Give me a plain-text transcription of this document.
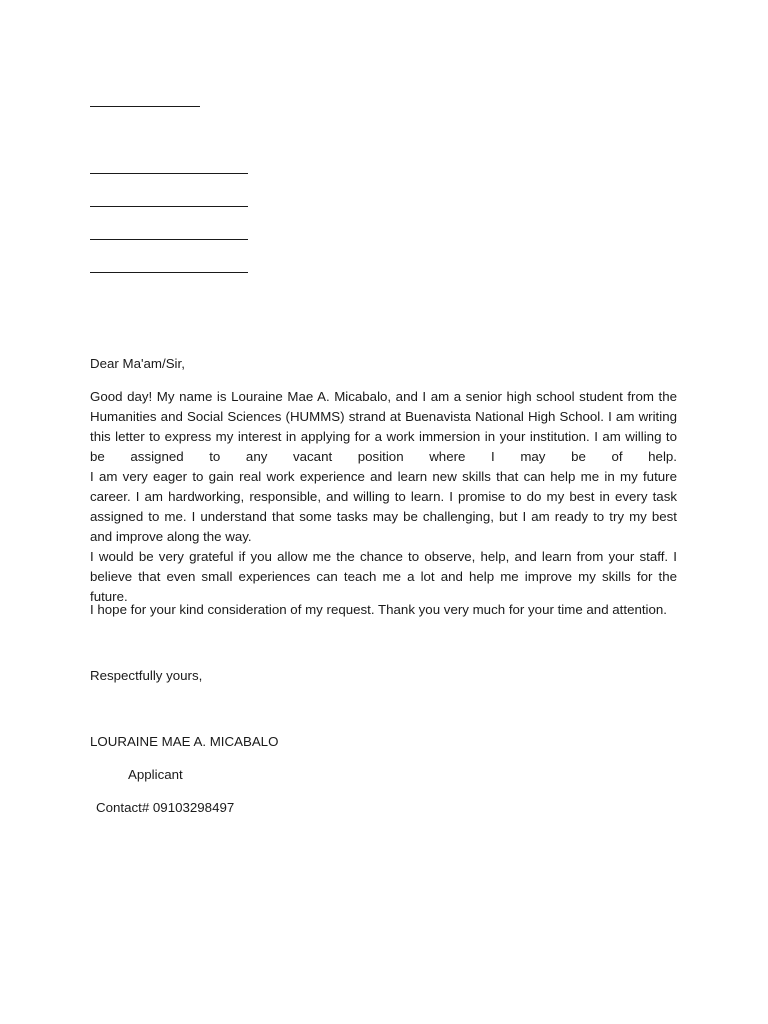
Dear Ma'am/Sir,

Good day! My name is Louraine Mae A. Micabalo, and I am a senior high school student from the Humanities and Social Sciences (HUMMS) strand at Buenavista National High School. I am writing this letter to express my interest in applying for a work immersion in your institution. I am willing to be assigned to any vacant position where I may be of help.

I am very eager to gain real work experience and learn new skills that can help me in my future career. I am hardworking, responsible, and willing to learn. I promise to do my best in every task assigned to me. I understand that some tasks may be challenging, but I am ready to try my best and improve along the way.

I would be very grateful if you allow me the chance to observe, help, and learn from your staff. I believe that even small experiences can teach me a lot and help me improve my skills for the future.

I hope for your kind consideration of my request. Thank you very much for your time and attention.
Respectfully yours,
LOURAINE MAE A. MICABALO
Applicant
Contact# 09103298497
